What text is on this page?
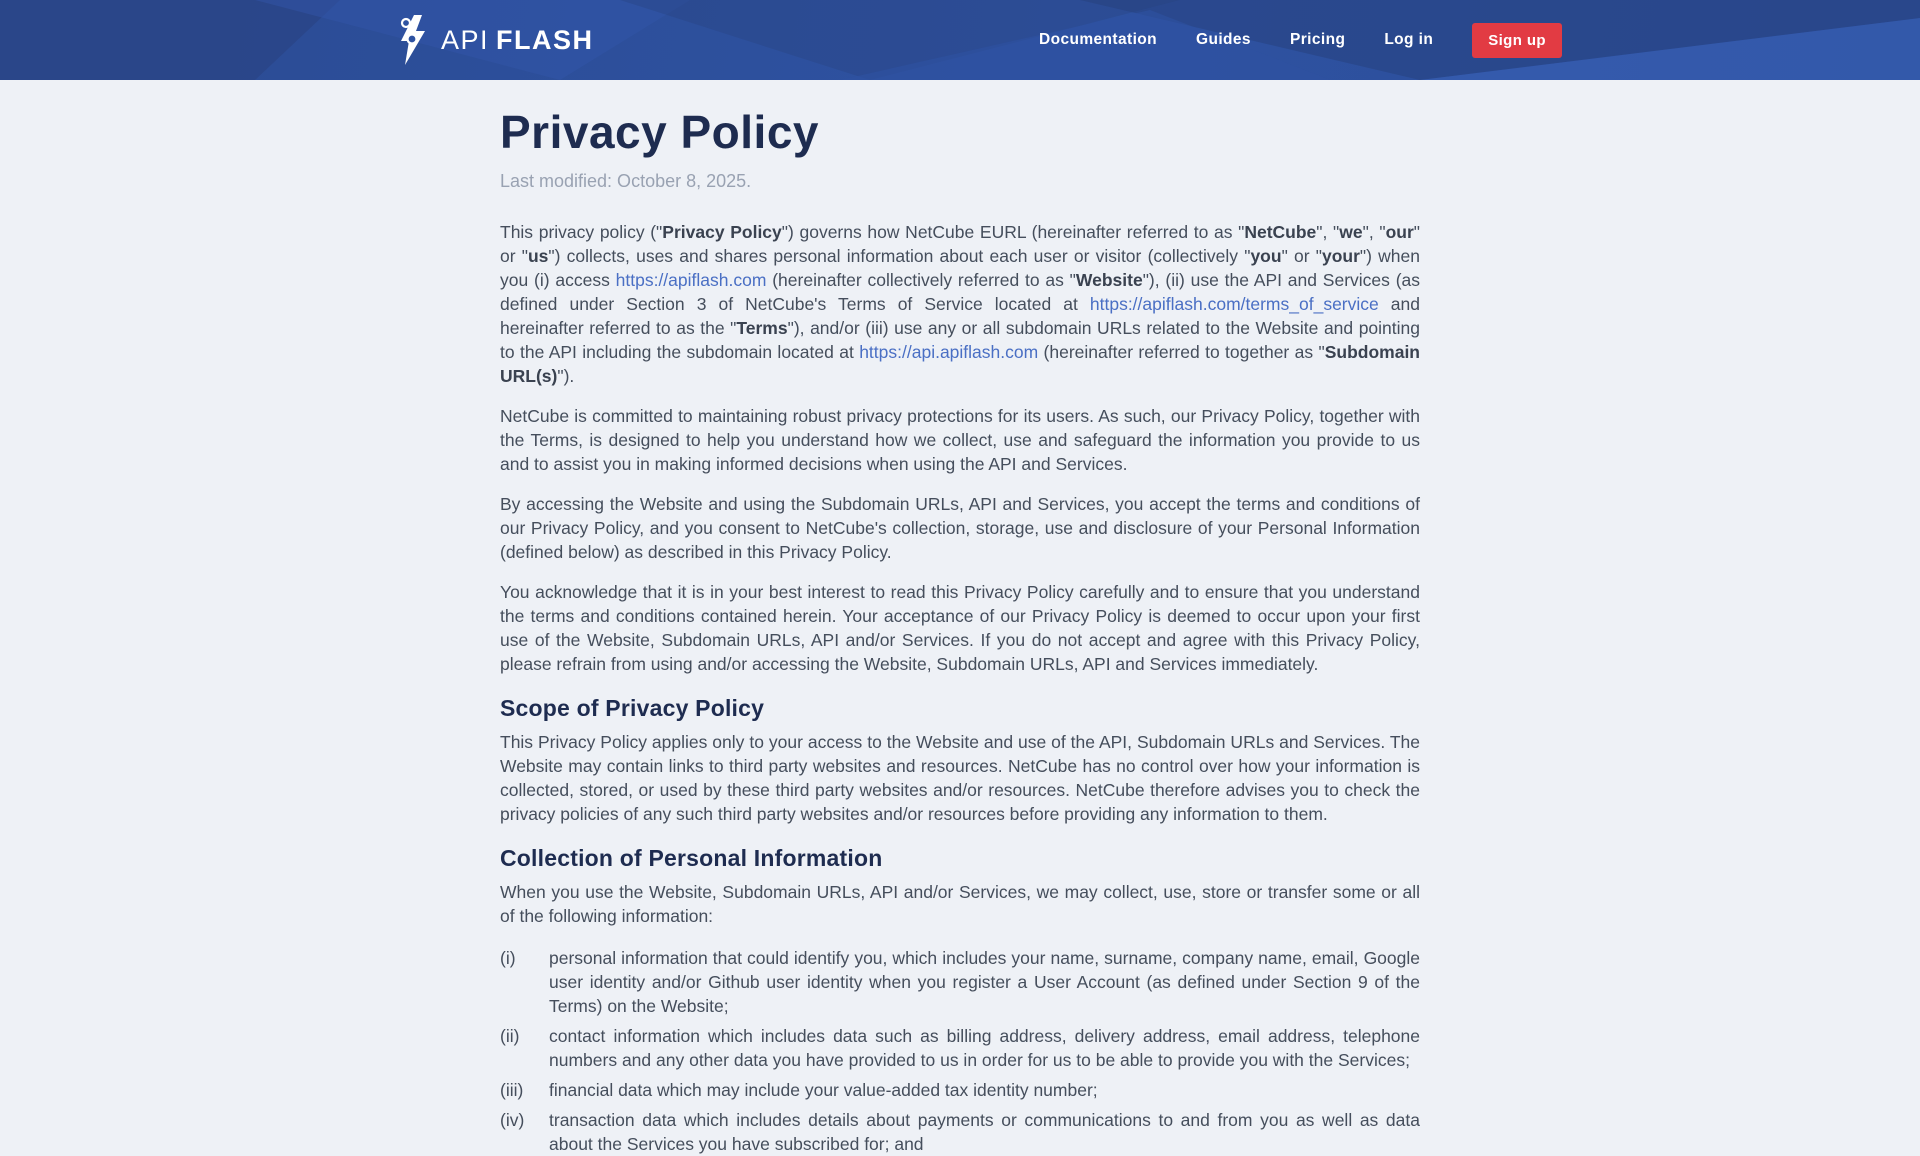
API FLASH	Documentation	Guides	Pricing	Log in	Sign up
Privacy Policy
Last modified: October 8, 2025.

This privacy policy ("Privacy Policy") governs how NetCube EURL (hereinafter referred to as "NetCube", "we", "our" or "us") collects, uses and shares personal information about each user or visitor (collectively "you" or "your") when you (i) access https://apiflash.com (hereinafter collectively referred to as "Website"), (ii) use the API and Services (as defined under Section 3 of NetCube's Terms of Service located at https://apiflash.com/terms_of_service and hereinafter referred to as the "Terms"), and/or (iii) use any or all subdomain URLs related to the Website and pointing to the API including the subdomain located at https://api.apiflash.com (hereinafter referred to together as "Subdomain URL(s)").

NetCube is committed to maintaining robust privacy protections for its users. As such, our Privacy Policy, together with the Terms, is designed to help you understand how we collect, use and safeguard the information you provide to us and to assist you in making informed decisions when using the API and Services.

By accessing the Website and using the Subdomain URLs, API and Services, you accept the terms and conditions of our Privacy Policy, and you consent to NetCube's collection, storage, use and disclosure of your Personal Information (defined below) as described in this Privacy Policy.

You acknowledge that it is in your best interest to read this Privacy Policy carefully and to ensure that you understand the terms and conditions contained herein. Your acceptance of our Privacy Policy is deemed to occur upon your first use of the Website, Subdomain URLs, API and/or Services. If you do not accept and agree with this Privacy Policy, please refrain from using and/or accessing the Website, Subdomain URLs, API and Services immediately.

Scope of Privacy Policy

This Privacy Policy applies only to your access to the Website and use of the API, Subdomain URLs and Services. The Website may contain links to third party websites and resources. NetCube has no control over how your information is collected, stored, or used by these third party websites and/or resources. NetCube therefore advises you to check the privacy policies of any such third party websites and/or resources before providing any information to them.

Collection of Personal Information

When you use the Website, Subdomain URLs, API and/or Services, we may collect, use, store or transfer some or all of the following information:

(i)	personal information that could identify you, which includes your name, surname, company name, email, Google user identity and/or Github user identity when you register a User Account (as defined under Section 9 of the Terms) on the Website;
(ii)	contact information which includes data such as billing address, delivery address, email address, telephone numbers and any other data you have provided to us in order for us to be able to provide you with the Services;
(iii)	financial data which may include your value-added tax identity number;
(iv)	transaction data which includes details about payments or communications to and from you as well as data about the Services you have subscribed for; and
